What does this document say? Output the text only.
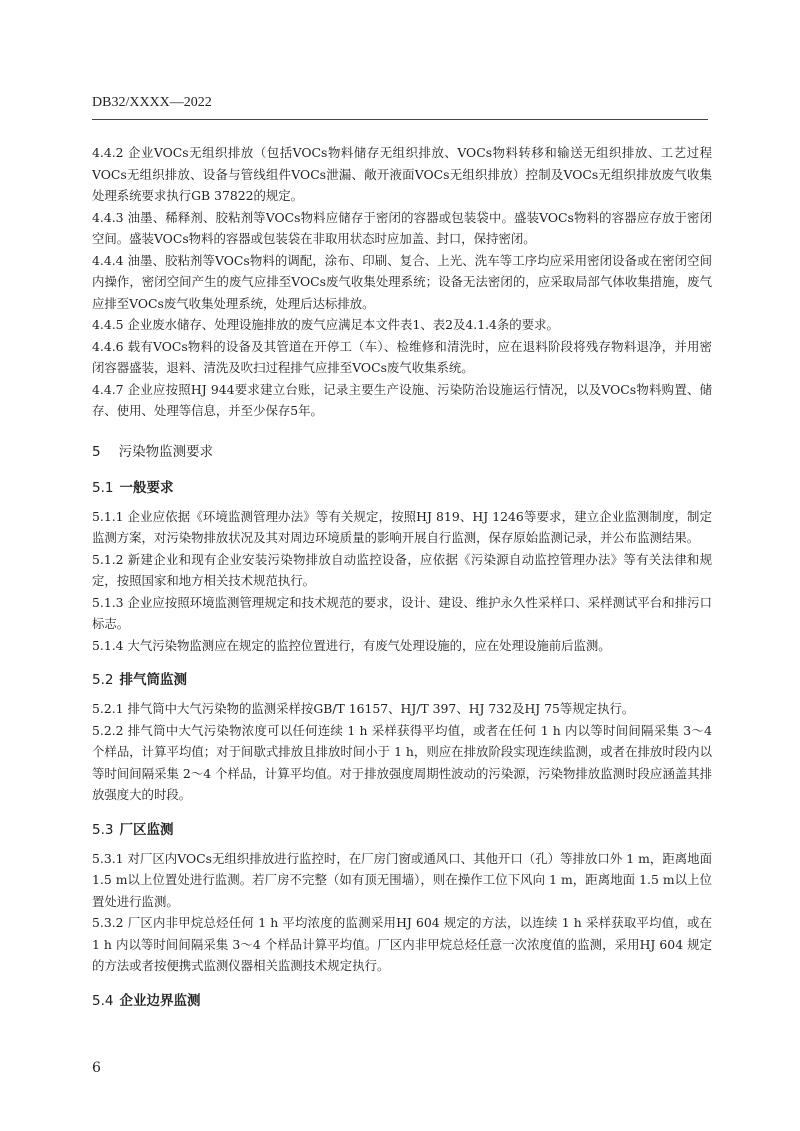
DB32/XXXX—2022

4.4.2 企业VOCs无组织排放（包括VOCs物料储存无组织排放、VOCs物料转移和输送无组织排放、工艺过程VOCs无组织排放、设备与管线组件VOCs泄漏、敞开液面VOCs无组织排放）控制及VOCs无组织排放废气收集处理系统要求执行GB 37822的规定。

4.4.3 油墨、稀释剂、胶粘剂等VOCs物料应储存于密闭的容器或包装袋中。盛装VOCs物料的容器应存放于密闭空间。盛装VOCs物料的容器或包装袋在非取用状态时应加盖、封口，保持密闭。

4.4.4 油墨、胶粘剂等VOCs物料的调配，涂布、印刷、复合、上光、洗车等工序均应采用密闭设备或在密闭空间内操作，密闭空间产生的废气应排至VOCs废气收集处理系统；设备无法密闭的，应采取局部气体收集措施，废气应排至VOCs废气收集处理系统，处理后达标排放。

4.4.5 企业废水储存、处理设施排放的废气应满足本文件表1、表2及4.1.4条的要求。

4.4.6 载有VOCs物料的设备及其管道在开停工（车）、检维修和清洗时，应在退料阶段将残存物料退净，并用密闭容器盛装，退料、清洗及吹扫过程排气应排至VOCs废气收集系统。

4.4.7 企业应按照HJ 944要求建立台账，记录主要生产设施、污染防治设施运行情况，以及VOCs物料购置、储存、使用、处理等信息，并至少保存5年。

5 污染物监测要求
5.1 一般要求

5.1.1 企业应依据《环境监测管理办法》等有关规定，按照HJ 819、HJ 1246等要求，建立企业监测制度，制定监测方案，对污染物排放状况及其对周边环境质量的影响开展自行监测，保存原始监测记录，并公布监测结果。

5.1.2 新建企业和现有企业安装污染物排放自动监控设备，应依据《污染源自动监控管理办法》等有关法律和规定，按照国家和地方相关技术规范执行。

5.1.3 企业应按照环境监测管理规定和技术规范的要求，设计、建设、维护永久性采样口、采样测试平台和排污口标志。

5.1.4 大气污染物监测应在规定的监控位置进行，有废气处理设施的，应在处理设施前后监测。

5.2 排气筒监测

5.2.1 排气筒中大气污染物的监测采样按GB/T 16157、HJ/T 397、HJ 732及HJ 75等规定执行。

5.2.2 排气筒中大气污染物浓度可以任何连续 1 h 采样获得平均值，或者在任何 1 h 内以等时间间隔采集 3～4 个样品，计算平均值；对于间歇式排放且排放时间小于 1 h，则应在排放阶段实现连续监测，或者在排放时段内以等时间间隔采集 2～4 个样品，计算平均值。对于排放强度周期性波动的污染源，污染物排放监测时段应涵盖其排放强度大的时段。

5.3 厂区监测

5.3.1 对厂区内VOCs无组织排放进行监控时，在厂房门窗或通风口、其他开口（孔）等排放口外 1 m，距离地面 1.5 m以上位置处进行监测。若厂房不完整（如有顶无围墙），则在操作工位下风向 1 m，距离地面 1.5 m以上位置处进行监测。

5.3.2 厂区内非甲烷总烃任何 1 h 平均浓度的监测采用HJ 604 规定的方法，以连续 1 h 采样获取平均值，或在 1 h 内以等时间间隔采集 3～4 个样品计算平均值。厂区内非甲烷总烃任意一次浓度值的监测，采用HJ 604 规定的方法或者按便携式监测仪器相关监测技术规定执行。

5.4 企业边界监测
6
